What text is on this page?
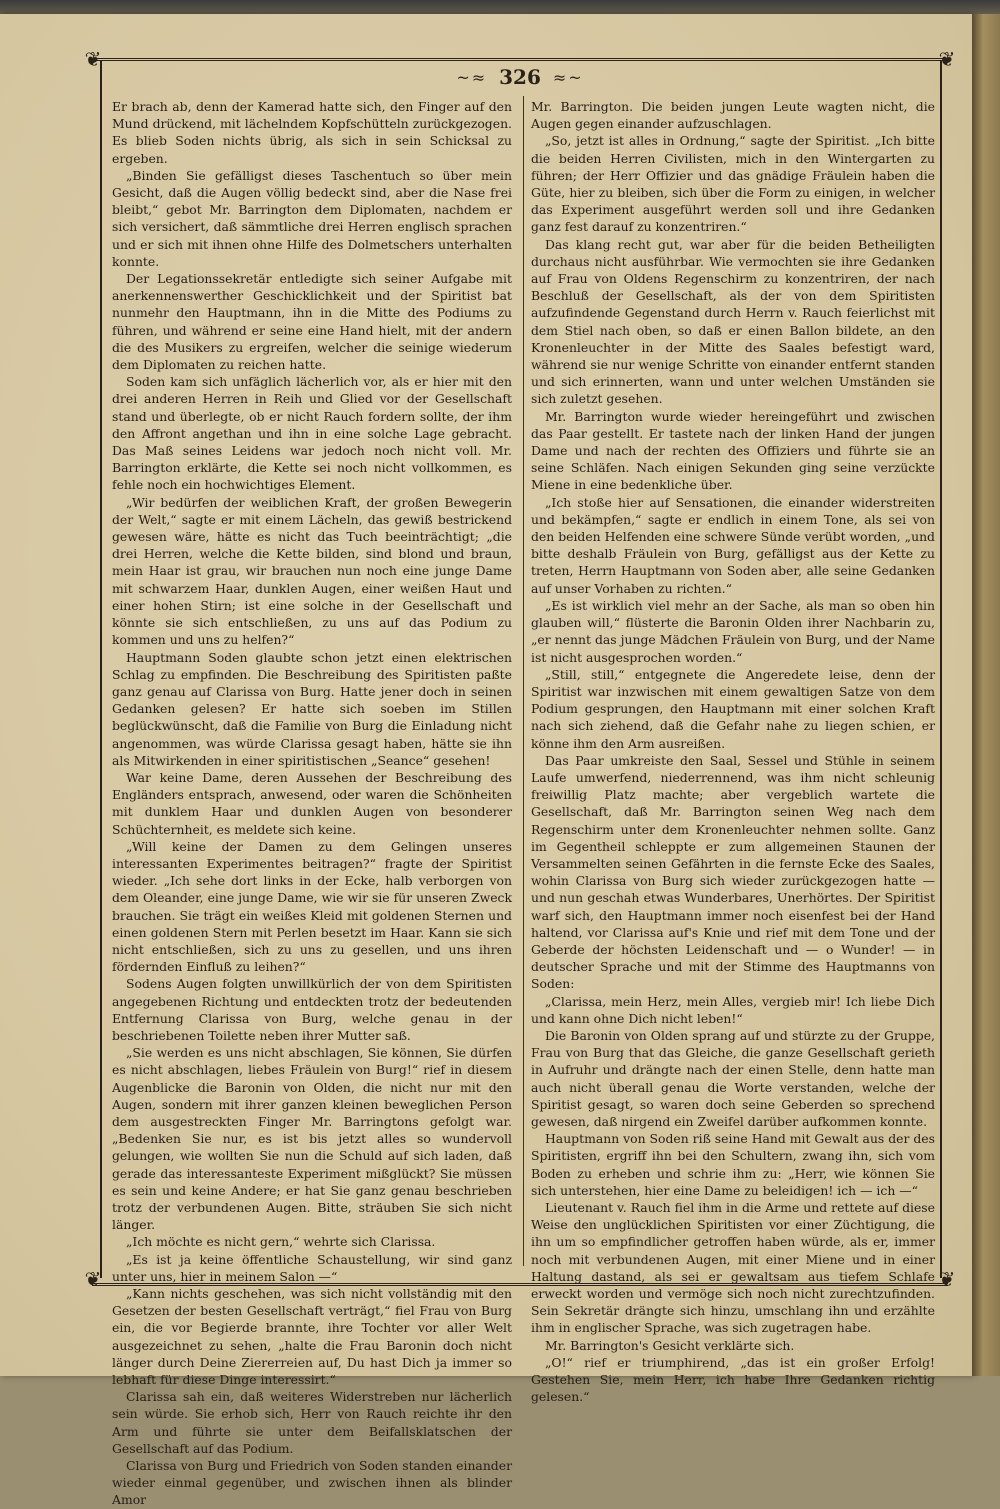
❦	❦
❦	❦
~≈ 326 ≈~

Er brach ab, denn der Kamerad hatte sich, den Finger auf den Mund drückend, mit lächelndem Kopfschütteln zurückgezogen. Es blieb Soden nichts übrig, als sich in sein Schicksal zu ergeben.

„Binden Sie gefälligst dieses Taschentuch so über mein Gesicht, daß die Augen völlig bedeckt sind, aber die Nase frei bleibt,“ gebot Mr. Barrington dem Diplomaten, nachdem er sich versichert, daß sämmtliche drei Herren englisch sprachen und er sich mit ihnen ohne Hilfe des Dolmetschers unterhalten konnte.

Der Legationssekretär entledigte sich seiner Aufgabe mit anerkennenswerther Geschicklichkeit und der Spiritist bat nunmehr den Hauptmann, ihn in die Mitte des Podiums zu führen, und während er seine eine Hand hielt, mit der andern die des Musikers zu ergreifen, welcher die seinige wiederum dem Diplomaten zu reichen hatte.

Soden kam sich unfäglich lächerlich vor, als er hier mit den drei anderen Herren in Reih und Glied vor der Gesellschaft stand und überlegte, ob er nicht Rauch fordern sollte, der ihm den Affront angethan und ihn in eine solche Lage gebracht. Das Maß seines Leidens war jedoch noch nicht voll. Mr. Barrington erklärte, die Kette sei noch nicht vollkommen, es fehle noch ein hochwichtiges Element.

„Wir bedürfen der weiblichen Kraft, der großen Bewegerin der Welt,“ sagte er mit einem Lächeln, das gewiß bestrickend gewesen wäre, hätte es nicht das Tuch beeinträchtigt; „die drei Herren, welche die Kette bilden, sind blond und braun, mein Haar ist grau, wir brauchen nun noch eine junge Dame mit schwarzem Haar, dunklen Augen, einer weißen Haut und einer hohen Stirn; ist eine solche in der Gesellschaft und könnte sie sich entschließen, zu uns auf das Podium zu kommen und uns zu helfen?“

Hauptmann Soden glaubte schon jetzt einen elektrischen Schlag zu empfinden. Die Beschreibung des Spiritisten paßte ganz genau auf Clarissa von Burg. Hatte jener doch in seinen Gedanken gelesen? Er hatte sich soeben im Stillen beglückwünscht, daß die Familie von Burg die Einladung nicht angenommen, was würde Clarissa gesagt haben, hätte sie ihn als Mitwirkenden in einer spiritistischen „Seance“ gesehen!

War keine Dame, deren Aussehen der Beschreibung des Engländers entsprach, anwesend, oder waren die Schönheiten mit dunklem Haar und dunklen Augen von besonderer Schüchternheit, es meldete sich keine.

„Will keine der Damen zu dem Gelingen unseres interessanten Experimentes beitragen?“ fragte der Spiritist wieder. „Ich sehe dort links in der Ecke, halb verborgen von dem Oleander, eine junge Dame, wie wir sie für unseren Zweck brauchen. Sie trägt ein weißes Kleid mit goldenen Sternen und einen goldenen Stern mit Perlen besetzt im Haar. Kann sie sich nicht entschließen, sich zu uns zu gesellen, und uns ihren fördernden Einfluß zu leihen?“

Sodens Augen folgten unwillkürlich der von dem Spiritisten angegebenen Richtung und entdeckten trotz der bedeutenden Entfernung Clarissa von Burg, welche genau in der beschriebenen Toilette neben ihrer Mutter saß.

„Sie werden es uns nicht abschlagen, Sie können, Sie dürfen es nicht abschlagen, liebes Fräulein von Burg!“ rief in diesem Augenblicke die Baronin von Olden, die nicht nur mit den Augen, sondern mit ihrer ganzen kleinen beweglichen Person dem ausgestreckten Finger Mr. Barringtons gefolgt war. „Bedenken Sie nur, es ist bis jetzt alles so wundervoll gelungen, wie wollten Sie nun die Schuld auf sich laden, daß gerade das interessanteste Experiment mißglückt? Sie müssen es sein und keine Andere; er hat Sie ganz genau beschrieben trotz der verbundenen Augen. Bitte, sträuben Sie sich nicht länger.

„Ich möchte es nicht gern,“ wehrte sich Clarissa.

„Es ist ja keine öffentliche Schaustellung, wir sind ganz unter uns, hier in meinem Salon —“

„Kann nichts geschehen, was sich nicht vollständig mit den Gesetzen der besten Gesellschaft verträgt,“ fiel Frau von Burg ein, die vor Begierde brannte, ihre Tochter vor aller Welt ausgezeichnet zu sehen, „halte die Frau Baronin doch nicht länger durch Deine Ziererreien auf, Du hast Dich ja immer so lebhaft für diese Dinge interessirt.“

Clarissa sah ein, daß weiteres Widerstreben nur lächerlich sein würde. Sie erhob sich, Herr von Rauch reichte ihr den Arm und führte sie unter dem Beifallsklatschen der Gesellschaft auf das Podium.

Clarissa von Burg und Friedrich von Soden standen einander wieder einmal gegenüber, und zwischen ihnen als blinder Amor

Mr. Barrington. Die beiden jungen Leute wagten nicht, die Augen gegen einander aufzuschlagen.

„So, jetzt ist alles in Ordnung,“ sagte der Spiritist. „Ich bitte die beiden Herren Civilisten, mich in den Wintergarten zu führen; der Herr Offizier und das gnädige Fräulein haben die Güte, hier zu bleiben, sich über die Form zu einigen, in welcher das Experiment ausgeführt werden soll und ihre Gedanken ganz fest darauf zu konzentriren.“

Das klang recht gut, war aber für die beiden Betheiligten durchaus nicht ausführbar. Wie vermochten sie ihre Gedanken auf Frau von Oldens Regenschirm zu konzentriren, der nach Beschluß der Gesellschaft, als der von dem Spiritisten aufzufindende Gegenstand durch Herrn v. Rauch feierlichst mit dem Stiel nach oben, so daß er einen Ballon bildete, an den Kronenleuchter in der Mitte des Saales befestigt ward, während sie nur wenige Schritte von einander entfernt standen und sich erinnerten, wann und unter welchen Umständen sie sich zuletzt gesehen.

Mr. Barrington wurde wieder hereingeführt und zwischen das Paar gestellt. Er tastete nach der linken Hand der jungen Dame und nach der rechten des Offiziers und führte sie an seine Schläfen. Nach einigen Sekunden ging seine verzückte Miene in eine bedenkliche über.

„Ich stoße hier auf Sensationen, die einander widerstreiten und bekämpfen,“ sagte er endlich in einem Tone, als sei von den beiden Helfenden eine schwere Sünde verübt worden, „und bitte deshalb Fräulein von Burg, gefälligst aus der Kette zu treten, Herrn Hauptmann von Soden aber, alle seine Gedanken auf unser Vorhaben zu richten.“

„Es ist wirklich viel mehr an der Sache, als man so oben hin glauben will,“ flüsterte die Baronin Olden ihrer Nachbarin zu, „er nennt das junge Mädchen Fräulein von Burg, und der Name ist nicht ausgesprochen worden.“

„Still, still,“ entgegnete die Angeredete leise, denn der Spiritist war inzwischen mit einem gewaltigen Satze von dem Podium gesprungen, den Hauptmann mit einer solchen Kraft nach sich ziehend, daß die Gefahr nahe zu liegen schien, er könne ihm den Arm ausreißen.

Das Paar umkreiste den Saal, Sessel und Stühle in seinem Laufe umwerfend, niederrennend, was ihm nicht schleunig freiwillig Platz machte; aber vergeblich wartete die Gesellschaft, daß Mr. Barrington seinen Weg nach dem Regenschirm unter dem Kronenleuchter nehmen sollte. Ganz im Gegentheil schleppte er zum allgemeinen Staunen der Versammelten seinen Gefährten in die fernste Ecke des Saales, wohin Clarissa von Burg sich wieder zurückgezogen hatte — und nun geschah etwas Wunderbares, Unerhörtes. Der Spiritist warf sich, den Hauptmann immer noch eisenfest bei der Hand haltend, vor Clarissa auf's Knie und rief mit dem Tone und der Geberde der höchsten Leidenschaft und — o Wunder! — in deutscher Sprache und mit der Stimme des Hauptmanns von Soden:

„Clarissa, mein Herz, mein Alles, vergieb mir! Ich liebe Dich und kann ohne Dich nicht leben!“

Die Baronin von Olden sprang auf und stürzte zu der Gruppe, Frau von Burg that das Gleiche, die ganze Gesellschaft gerieth in Aufruhr und drängte nach der einen Stelle, denn hatte man auch nicht überall genau die Worte verstanden, welche der Spiritist gesagt, so waren doch seine Geberden so sprechend gewesen, daß nirgend ein Zweifel darüber aufkommen konnte.

Hauptmann von Soden riß seine Hand mit Gewalt aus der des Spiritisten, ergriff ihn bei den Schultern, zwang ihn, sich vom Boden zu erheben und schrie ihm zu: „Herr, wie können Sie sich unterstehen, hier eine Dame zu beleidigen! ich — ich —“

Lieutenant v. Rauch fiel ihm in die Arme und rettete auf diese Weise den unglücklichen Spiritisten vor einer Züchtigung, die ihn um so empfindlicher getroffen haben würde, als er, immer noch mit verbundenen Augen, mit einer Miene und in einer Haltung dastand, als sei er gewaltsam aus tiefem Schlafe erweckt worden und vermöge sich noch nicht zurechtzufinden. Sein Sekretär drängte sich hinzu, umschlang ihn und erzählte ihm in englischer Sprache, was sich zugetragen habe.

Mr. Barrington's Gesicht verklärte sich.

„O!“ rief er triumphirend, „das ist ein großer Erfolg! Gestehen Sie, mein Herr, ich habe Ihre Gedanken richtig gelesen.“
